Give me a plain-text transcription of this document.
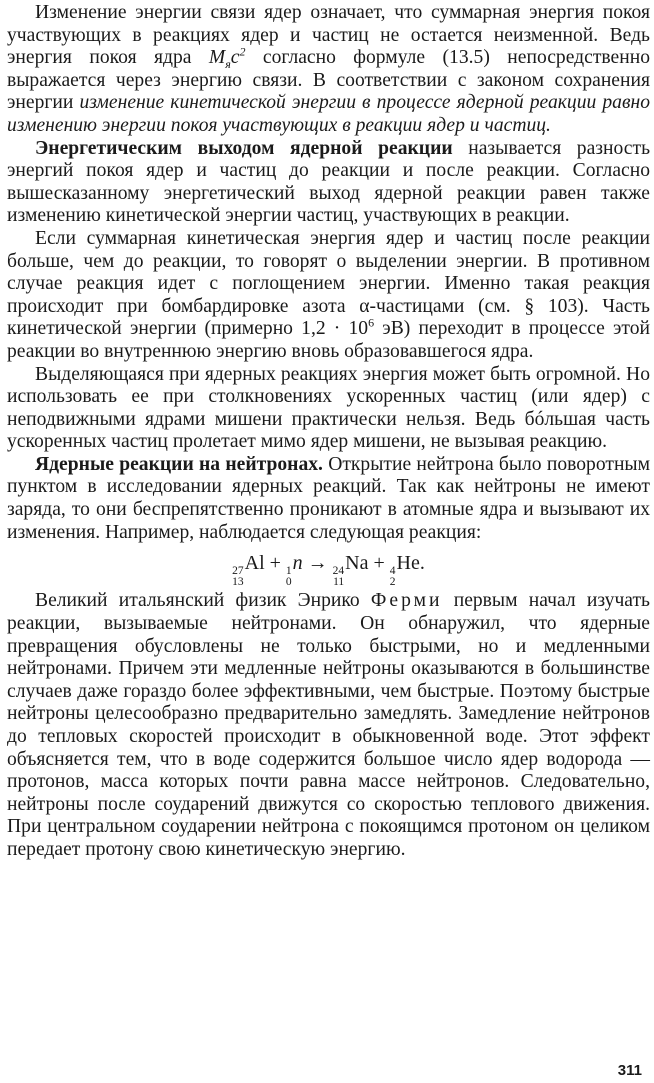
Изменение энергии связи ядер означает, что суммарная энергия покоя участвующих в реакциях ядер и частиц не остается неизменной. Ведь энергия покоя ядра $M_яc^2$ согласно формуле (13.5) непосредственно выражается через энергию связи. В соответствии с законом сохранения энергии изменение кинетической энергии в процессе ядерной реакции равно изменению энергии покоя участвующих в реакции ядер и частиц.

Энергетическим выходом ядерной реакции называется разность энергий покоя ядер и частиц до реакции и после реакции. Согласно вышесказанному энергетический выход ядерной реакции равен также изменению кинетической энергии частиц, участвующих в реакции.

Если суммарная кинетическая энергия ядер и частиц после реакции больше, чем до реакции, то говорят о выделении энергии. В противном случае реакция идет с поглощением энергии. Именно такая реакция происходит при бомбардировке азота α-частицами (см. § 103). Часть кинетической энергии (примерно $1,2 \cdot 10^6$ эВ) переходит в процессе этой реакции во внутреннюю энергию вновь образовавшегося ядра.

Выделяющаяся при ядерных реакциях энергия может быть огромной. Но использовать ее при столкновениях ускоренных частиц (или ядер) с неподвижными ядрами мишени практически нельзя. Ведь бóльшая часть ускоренных частиц пролетает мимо ядер мишени, не вызывая реакцию.

Ядерные реакции на нейтронах. Открытие нейтрона было поворотным пунктом в исследовании ядерных реакций. Так как нейтроны не имеют заряда, то они беспрепятственно проникают в атомные ядра и вызывают их изменения. Например, наблюдается следующая реакция:

27
13
Al + 1
0
n → 24
11
Na + 4
2
He.

Великий итальянский физик Энрико Ферми первым начал изучать реакции, вызываемые нейтронами. Он обнаружил, что ядерные превращения обусловлены не только быстрыми, но и медленными нейтронами. Причем эти медленные нейтроны оказываются в большинстве случаев даже гораздо более эффективными, чем быстрые. Поэтому быстрые нейтроны целесообразно предварительно замедлять. Замедление нейтронов до тепловых скоростей происходит в обыкновенной воде. Этот эффект объясняется тем, что в воде содержится большое число ядер водорода — протонов, масса которых почти равна массе нейтронов. Следовательно, нейтроны после соударений движутся со скоростью теплового движения. При центральном соударении нейтрона с покоящимся протоном он целиком передает протону свою кинетическую энергию.

311
